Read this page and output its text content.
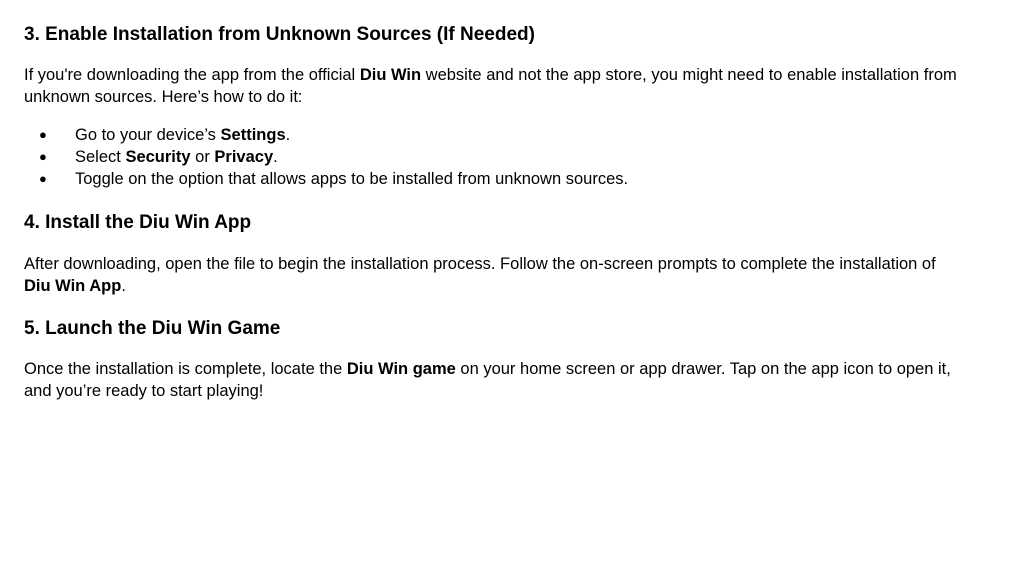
3. Enable Installation from Unknown Sources (If Needed)

If you're downloading the app from the official Diu Win website and not the app store, you might need to enable installation from unknown sources. Here’s how to do it:

● Go to your device’s Settings.
● Select Security or Privacy.
● Toggle on the option that allows apps to be installed from unknown sources.
4. Install the Diu Win App

After downloading, open the file to begin the installation process. Follow the on-screen prompts to complete the installation of Diu Win App.

5. Launch the Diu Win Game

Once the installation is complete, locate the Diu Win game on your home screen or app drawer. Tap on the app icon to open it, and you’re ready to start playing!
